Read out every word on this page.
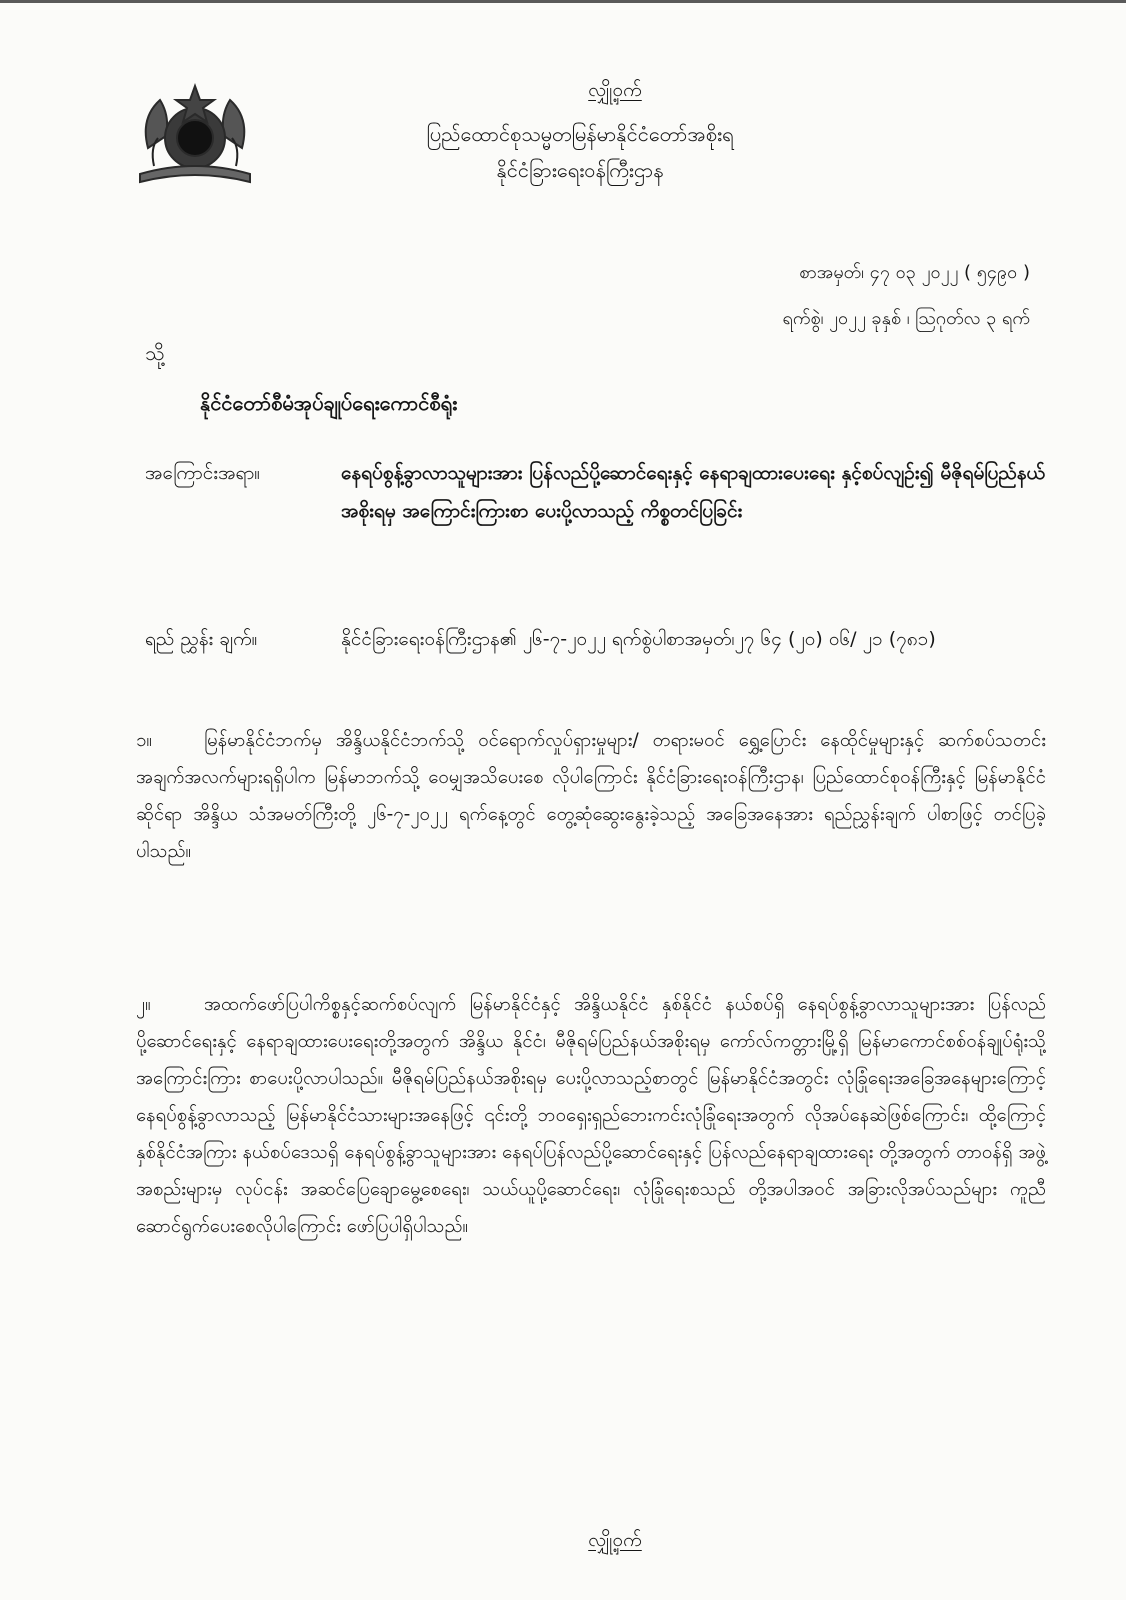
လျှို့ဝှက်
ပြည်ထောင်စုသမ္မတမြန်မာနိုင်ငံတော်အစိုးရ
နိုင်ငံခြားရေးဝန်ကြီးဌာန
စာအမှတ်၊ ၄၇ ၀၃ ၂၀၂၂ ( ၅၄၉၀ )
ရက်စွဲ၊ ၂၀၂၂ ခုနှစ် ၊ ဩဂုတ်လ ၃ ရက်
သို့
နိုင်ငံတော်စီမံအုပ်ချုပ်ရေးကောင်စီရုံး
အကြောင်းအရာ။	နေရပ်စွန့်ခွာလာသူများအား ပြန်လည်ပို့ဆောင်ရေးနှင့် နေရာချထားပေးရေး နှင့်စပ်လျဉ်း၍ မီဇိုရမ်ပြည်နယ်အစိုးရမှ အကြောင်းကြားစာ ပေးပို့လာသည့် ကိစ္စတင်ပြခြင်း
ရည် ညွှန်း ချက်။	နိုင်ငံခြားရေးဝန်ကြီးဌာန၏ ၂၆-၇-၂၀၂၂ ရက်စွဲပါစာအမှတ်၊၂၇ ၆၄ (၂၀) ဝ၆/ ၂၁ (၇၈၁)
၁။	မြန်မာနိုင်ငံဘက်မှ အိန္ဒိယနိုင်ငံဘက်သို့ ဝင်ရောက်လှုပ်ရှားမှုများ/ တရားမဝင် ရွှေ့ပြောင်း နေထိုင်မှုများနှင့် ဆက်စပ်သတင်းအချက်အလက်များရရှိပါက မြန်မာဘက်သို့ ဝေမျှအသိပေးစေ လိုပါကြောင်း နိုင်ငံခြားရေးဝန်ကြီးဌာန၊ ပြည်ထောင်စုဝန်ကြီးနှင့် မြန်မာနိုင်ငံဆိုင်ရာ အိန္ဒိယ သံအမတ်ကြီးတို့ ၂၆-၇-၂၀၂၂ ရက်နေ့တွင် တွေ့ဆုံဆွေးနွေးခဲ့သည့် အခြေအနေအား ရည်ညွှန်းချက် ပါစာဖြင့် တင်ပြခဲ့ပါသည်။
၂။	အထက်ဖော်ပြပါကိစ္စနှင့်ဆက်စပ်လျက် မြန်မာနိုင်ငံနှင့် အိန္ဒိယနိုင်ငံ နှစ်နိုင်ငံ နယ်စပ်ရှိ နေရပ်စွန့်ခွာလာသူများအား ပြန်လည်ပို့ဆောင်ရေးနှင့် နေရာချထားပေးရေးတို့အတွက် အိန္ဒိယ နိုင်ငံ၊ မီဇိုရမ်ပြည်နယ်အစိုးရမှ ကော်လ်ကတ္တားမြို့ရှိ မြန်မာကောင်စစ်ဝန်ချုပ်ရုံးသို့ အကြောင်းကြား စာပေးပို့လာပါသည်။ မီဇိုရမ်ပြည်နယ်အစိုးရမှ ပေးပို့လာသည့်စာတွင် မြန်မာနိုင်ငံအတွင်း လုံခြုံရေးအခြေအနေများကြောင့် နေရပ်စွန့်ခွာလာသည့် မြန်မာနိုင်ငံသားများအနေဖြင့် ၎င်းတို့ ဘဝရှေးရှည်ဘေးကင်းလုံခြုံရေးအတွက် လိုအပ်နေဆဲဖြစ်ကြောင်း၊ ထို့ကြောင့် နှစ်နိုင်ငံအကြား နယ်စပ်ဒေသရှိ နေရပ်စွန့်ခွာသူများအား နေရပ်ပြန်လည်ပို့ဆောင်ရေးနှင့် ပြန်လည်နေရာချထားရေး တို့အတွက် တာဝန်ရှိ အဖွဲ့အစည်းများမှ လုပ်ငန်း အဆင်ပြေချောမွေ့စေရေး၊ သယ်ယူပို့ဆောင်ရေး၊ လုံခြုံရေးစသည် တို့အပါအဝင် အခြားလိုအပ်သည်များ ကူညီဆောင်ရွက်ပေးစေလိုပါကြောင်း ဖော်ပြပါရှိပါသည်။
လျှို့ဝှက်
